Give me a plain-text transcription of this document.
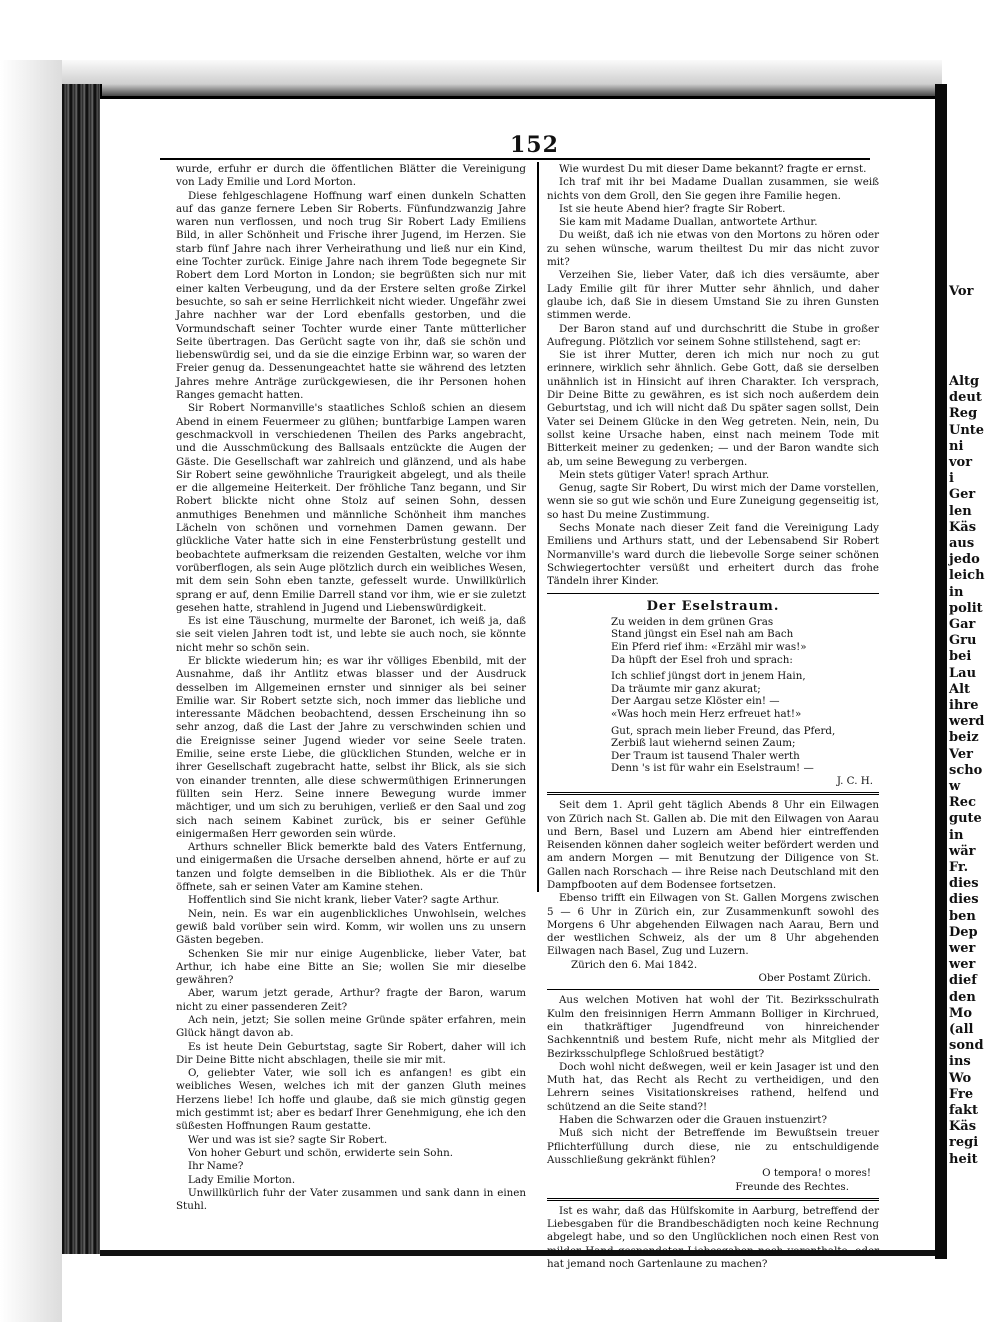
Vor
Altg
deut
Reg
Unte
ni
vor
i
Ger
len
Käs
aus
jedo
leich
in
polit
Gar
Gru
bei
Lau
Alt
ihre
werd
beiz
Ver
scho
w
Rec
gute
in
wär
Fr.
dies
dies
ben
Dep
wer
wer
dief
den
Mo
(all
sond
ins
Wo
Fre
fakt
Käs
regi
heit
152

wurde, erfuhr er durch die öffentlichen Blätter die Vereinigung von Lady Emilie und Lord Morton.

Diese fehlgeschlagene Hoffnung warf einen dunkeln Schatten auf das ganze fernere Leben Sir Roberts. Fünfundzwanzig Jahre waren nun verflossen, und noch trug Sir Robert Lady Emiliens Bild, in aller Schönheit und Frische ihrer Jugend, im Herzen. Sie starb fünf Jahre nach ihrer Verheirathung und ließ nur ein Kind, eine Tochter zurück. Einige Jahre nach ihrem Tode begegnete Sir Robert dem Lord Morton in London; sie begrüßten sich nur mit einer kalten Verbeugung, und da der Erstere selten große Zirkel besuchte, so sah er seine Herrlichkeit nicht wieder. Ungefähr zwei Jahre nachher war der Lord ebenfalls gestorben, und die Vormundschaft seiner Tochter wurde einer Tante mütterlicher Seite übertragen. Das Gerücht sagte von ihr, daß sie schön und liebenswürdig sei, und da sie die einzige Erbinn war, so waren der Freier genug da. Dessenungeachtet hatte sie während des letzten Jahres mehre Anträge zurückgewiesen, die ihr Personen hohen Ranges gemacht hatten.

Sir Robert Normanville's staatliches Schloß schien an diesem Abend in einem Feuermeer zu glühen; buntfarbige Lampen waren geschmackvoll in verschiedenen Theilen des Parks angebracht, und die Ausschmückung des Ballsaals entzückte die Augen der Gäste. Die Gesellschaft war zahlreich und glänzend, und als habe Sir Robert seine gewöhnliche Traurigkeit abgelegt, und als theile er die allgemeine Heiterkeit. Der fröhliche Tanz begann, und Sir Robert blickte nicht ohne Stolz auf seinen Sohn, dessen anmuthiges Benehmen und männliche Schönheit ihm manches Lächeln von schönen und vornehmen Damen gewann. Der glückliche Vater hatte sich in eine Fensterbrüstung gestellt und beobachtete aufmerksam die reizenden Gestalten, welche vor ihm vorüberflogen, als sein Auge plötzlich durch ein weibliches Wesen, mit dem sein Sohn eben tanzte, gefesselt wurde. Unwillkürlich sprang er auf, denn Emilie Darrell stand vor ihm, wie er sie zuletzt gesehen hatte, strahlend in Jugend und Liebenswürdigkeit.

Es ist eine Täuschung, murmelte der Baronet, ich weiß ja, daß sie seit vielen Jahren todt ist, und lebte sie auch noch, sie könnte nicht mehr so schön sein.

Er blickte wiederum hin; es war ihr völliges Ebenbild, mit der Ausnahme, daß ihr Antlitz etwas blasser und der Ausdruck desselben im Allgemeinen ernster und sinniger als bei seiner Emilie war. Sir Robert setzte sich, noch immer das liebliche und interessante Mädchen beobachtend, dessen Erscheinung ihn so sehr anzog, daß die Last der Jahre zu verschwinden schien und die Ereignisse seiner Jugend wieder vor seine Seele traten. Emilie, seine erste Liebe, die glücklichen Stunden, welche er in ihrer Gesellschaft zugebracht hatte, selbst ihr Blick, als sie sich von einander trennten, alle diese schwermüthigen Erinnerungen füllten sein Herz. Seine innere Bewegung wurde immer mächtiger, und um sich zu beruhigen, verließ er den Saal und zog sich nach seinem Kabinet zurück, bis er seiner Gefühle einigermaßen Herr geworden sein würde.

Arthurs schneller Blick bemerkte bald des Vaters Entfernung, und einigermaßen die Ursache derselben ahnend, hörte er auf zu tanzen und folgte demselben in die Bibliothek. Als er die Thür öffnete, sah er seinen Vater am Kamine stehen.

Hoffentlich sind Sie nicht krank, lieber Vater? sagte Arthur.

Nein, nein. Es war ein augenblickliches Unwohlsein, welches gewiß bald vorüber sein wird. Komm, wir wollen uns zu unsern Gästen begeben.

Schenken Sie mir nur einige Augenblicke, lieber Vater, bat Arthur, ich habe eine Bitte an Sie; wollen Sie mir dieselbe gewähren?

Aber, warum jetzt gerade, Arthur? fragte der Baron, warum nicht zu einer passenderen Zeit?

Ach nein, jetzt; Sie sollen meine Gründe später erfahren, mein Glück hängt davon ab.

Es ist heute Dein Geburtstag, sagte Sir Robert, daher will ich Dir Deine Bitte nicht abschlagen, theile sie mir mit.

O, geliebter Vater, wie soll ich es anfangen! es gibt ein weibliches Wesen, welches ich mit der ganzen Gluth meines Herzens liebe! Ich hoffe und glaube, daß sie mich günstig gegen mich gestimmt ist; aber es bedarf Ihrer Genehmigung, ehe ich den süßesten Hoffnungen Raum gestatte.

Wer und was ist sie? sagte Sir Robert.

Von hoher Geburt und schön, erwiderte sein Sohn.

Ihr Name?

Lady Emilie Morton.

Unwillkürlich fuhr der Vater zusammen und sank dann in einen Stuhl.

Wie wurdest Du mit dieser Dame bekannt? fragte er ernst.

Ich traf mit ihr bei Madame Duallan zusammen, sie weiß nichts von dem Groll, den Sie gegen ihre Familie hegen.

Ist sie heute Abend hier? fragte Sir Robert.

Sie kam mit Madame Duallan, antwortete Arthur.

Du weißt, daß ich nie etwas von den Mortons zu hören oder zu sehen wünsche, warum theiltest Du mir das nicht zuvor mit?

Verzeihen Sie, lieber Vater, daß ich dies versäumte, aber Lady Emilie gilt für ihrer Mutter sehr ähnlich, und daher glaube ich, daß Sie in diesem Umstand Sie zu ihren Gunsten stimmen werde.

Der Baron stand auf und durchschritt die Stube in großer Aufregung. Plötzlich vor seinem Sohne stillstehend, sagt er:

Sie ist ihrer Mutter, deren ich mich nur noch zu gut erinnere, wirklich sehr ähnlich. Gebe Gott, daß sie derselben unähnlich ist in Hinsicht auf ihren Charakter. Ich versprach, Dir Deine Bitte zu gewähren, es ist sich noch außerdem dein Geburtstag, und ich will nicht daß Du später sagen sollst, Dein Vater sei Deinem Glücke in den Weg getreten. Nein, nein, Du sollst keine Ursache haben, einst nach meinem Tode mit Bitterkeit meiner zu gedenken; — und der Baron wandte sich ab, um seine Bewegung zu verbergen.

Mein stets gütiger Vater! sprach Arthur.

Genug, sagte Sir Robert, Du wirst mich der Dame vorstellen, wenn sie so gut wie schön und Eure Zuneigung gegenseitig ist, so hast Du meine Zustimmung.

Sechs Monate nach dieser Zeit fand die Vereinigung Lady Emiliens und Arthurs statt, und der Lebensabend Sir Robert Normanville's ward durch die liebevolle Sorge seiner schönen Schwiegertochter versüßt und erheitert durch das frohe Tändeln ihrer Kinder.

Der Eselstraum.
Zu weiden in dem grünen Gras
Stand jüngst ein Esel nah am Bach
Ein Pferd rief ihm: «Erzähl mir was!»
Da hüpft der Esel froh und sprach:
Ich schlief jüngst dort in jenem Hain,
Da träumte mir ganz akurat;
Der Aargau setze Klöster ein! —
«Was hoch mein Herz erfreuet hat!»
Gut, sprach mein lieber Freund, das Pferd,
Zerbiß laut wiehernd seinen Zaum;
Der Traum ist tausend Thaler werth
Denn 's ist für wahr ein Eselstraum! —
J. C. H.

Seit dem 1. April geht täglich Abends 8 Uhr ein Eilwagen von Zürich nach St. Gallen ab. Die mit den Eilwagen von Aarau und Bern, Basel und Luzern am Abend hier eintreffenden Reisenden können daher sogleich weiter befördert werden und am andern Morgen — mit Benutzung der Diligence von St. Gallen nach Rorschach — ihre Reise nach Deutschland mit den Dampfbooten auf dem Bodensee fortsetzen.

Ebenso trifft ein Eilwagen von St. Gallen Morgens zwischen 5 — 6 Uhr in Zürich ein, zur Zusammenkunft sowohl des Morgens 6 Uhr abgehenden Eilwagen nach Aarau, Bern und der westlichen Schweiz, als der um 8 Uhr abgehenden Eilwagen nach Basel, Zug und Luzern.

Zürich den 6. Mai 1842.

Ober Postamt Zürich.

Aus welchen Motiven hat wohl der Tit. Bezirksschulrath Kulm den freisinnigen Herrn Ammann Bolliger in Kirchrued, ein thatkräftiger Jugendfreund von hinreichender Sachkenntniß und bestem Rufe, nicht mehr als Mitglied der Bezirksschulpflege Schloßrued bestätigt?

Doch wohl nicht deßwegen, weil er kein Jasager ist und den Muth hat, das Recht als Recht zu vertheidigen, und den Lehrern seines Visitationskreises rathend, helfend und schützend an die Seite stand?!

Haben die Schwarzen oder die Grauen instuenzirt?

Muß sich nicht der Betreffende im Bewußtsein treuer Pflichterfüllung durch diese, nie zu entschuldigende Ausschließung gekränkt fühlen?

O tempora! o mores!

Freunde des Rechtes.

Ist es wahr, daß das Hülfskomite in Aarburg, betreffend der Liebesgaben für die Brandbeschädigten noch keine Rechnung abgelegt habe, und so den Unglücklichen noch einen Rest von milder Hand gespendeter Liebesgaben noch vorenthalte, oder hat jemand noch Gartenlaune zu machen?
